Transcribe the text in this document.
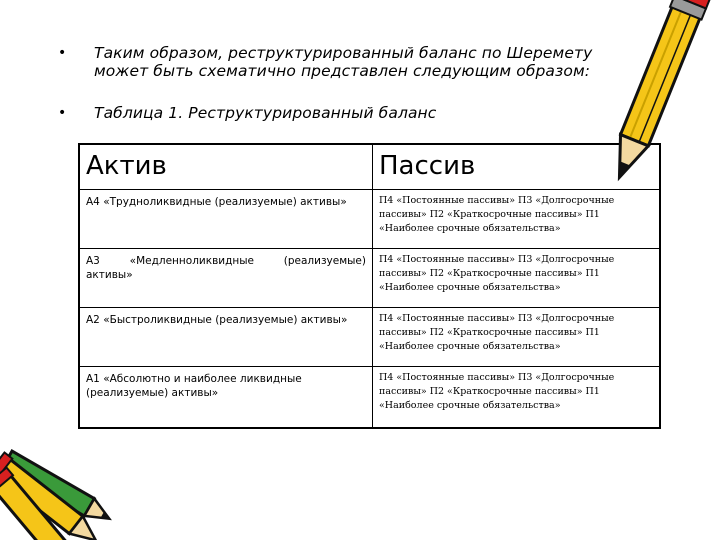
• Таким образом, реструктурированный баланс по Шеремету
может быть схематично представлен следующим образом:
• Таблица 1. Реструктурированный баланс
Актив	Пассив
А4 «Труднoликвидные (реализуемые) активы»	П4 «Постоянные пассивы» П3 «Долгосрочные пассивы» П2 «Краткосрочные пассивы» П1 «Наиболее срочные обязательства»

А3 «Медленноликвидные (реализуемые)
активы»	П4 «Постоянные пассивы» П3 «Долгосрочные пассивы» П2 «Краткосрочные пассивы» П1 «Наиболее срочные обязательства»
А2 «Быстроликвидные (реализуемые) активы»	П4 «Постоянные пассивы» П3 «Долгосрочные пассивы» П2 «Краткосрочные пассивы» П1 «Наиболее срочные обязательства»
А1 «Абсолютно и наиболее ликвидные (реализуемые) активы»	П4 «Постоянные пассивы» П3 «Долгосрочные пассивы» П2 «Краткосрочные пассивы» П1 «Наиболее срочные обязательства»
